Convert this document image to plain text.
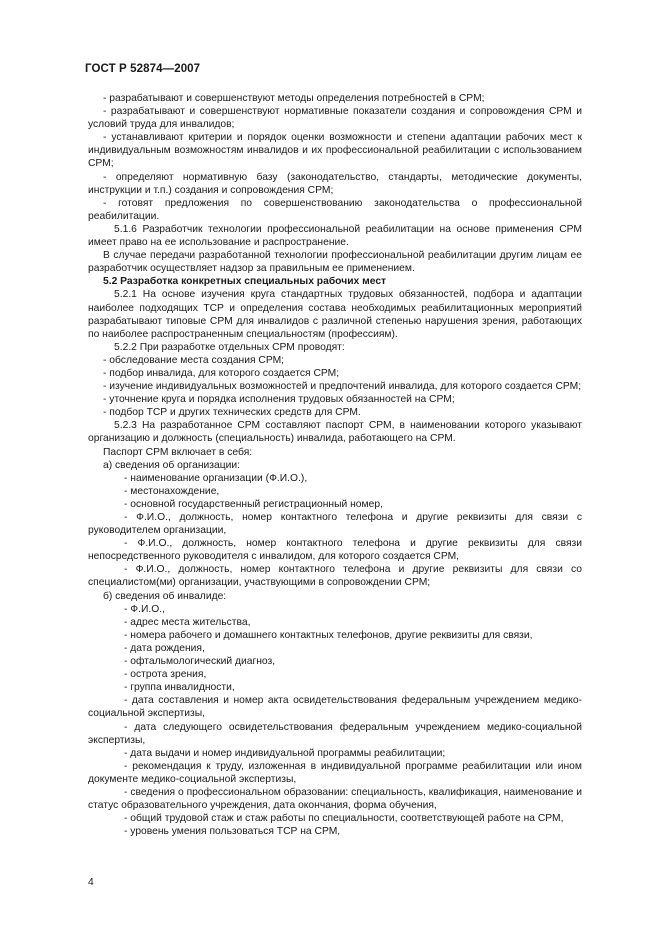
ГОСТ Р 52874—2007

- разрабатывают и совершенствуют методы определения потребностей в СРМ;

- разрабатывают и совершенствуют нормативные показатели создания и сопровождения СРМ и условий труда для инвалидов;

- устанавливают критерии и порядок оценки возможности и степени адаптации рабочих мест к индивидуальным возможностям инвалидов и их профессиональной реабилитации с использованием СРМ;

- определяют нормативную базу (законодательство, стандарты, методические документы, инструкции и т.п.) создания и сопровождения СРМ;

- готовят предложения по совершенствованию законодательства о профессиональной реабилитации.

5.1.6 Разработчик технологии профессиональной реабилитации на основе применения СРМ имеет право на ее использование и распространение.

В случае передачи разработанной технологии профессиональной реабилитации другим лицам ее разработчик осуществляет надзор за правильным ее применением.

5.2 Разработка конкретных специальных рабочих мест

5.2.1 На основе изучения круга стандартных трудовых обязанностей, подбора и адаптации наиболее подходящих ТСР и определения состава необходимых реабилитационных мероприятий разрабатывают типовые СРМ для инвалидов с различной степенью нарушения зрения, работающих по наиболее распространенным специальностям (профессиям).

5.2.2 При разработке отдельных СРМ проводят:

- обследование места создания СРМ;

- подбор инвалида, для которого создается СРМ;

- изучение индивидуальных возможностей и предпочтений инвалида, для которого создается СРМ;

- уточнение круга и порядка исполнения трудовых обязанностей на СРМ;

- подбор ТСР и других технических средств для СРМ.

5.2.3 На разработанное СРМ составляют паспорт СРМ, в наименовании которого указывают организацию и должность (специальность) инвалида, работающего на СРМ.

Паспорт СРМ включает в себя:

а) сведения об организации:

- наименование организации (Ф.И.О.),

- местонахождение,

- основной государственный регистрационный номер,

- Ф.И.О., должность, номер контактного телефона и другие реквизиты для связи с руководителем организации,

- Ф.И.О., должность, номер контактного телефона и другие реквизиты для связи непосредственного руководителя с инвалидом, для которого создается СРМ,

- Ф.И.О., должность, номер контактного телефона и другие реквизиты для связи со специалистом(ми) организации, участвующими в сопровождении СРМ;

б) сведения об инвалиде:

- Ф.И.О.,

- адрес места жительства,

- номера рабочего и домашнего контактных телефонов, другие реквизиты для связи,

- дата рождения,

- офтальмологический диагноз,

- острота зрения,

- группа инвалидности,

- дата составления и номер акта освидетельствования федеральным учреждением медико-социальной экспертизы,

- дата следующего освидетельствования федеральным учреждением медико-социальной экспертизы,

- дата выдачи и номер индивидуальной программы реабилитации;

- рекомендация к труду, изложенная в индивидуальной программе реабилитации или ином документе медико-социальной экспертизы,

- сведения о профессиональном образовании: специальность, квалификация, наименование и статус образовательного учреждения, дата окончания, форма обучения,

- общий трудовой стаж и стаж работы по специальности, соответствующей работе на СРМ,

- уровень умения пользоваться ТСР на СРМ,

4
